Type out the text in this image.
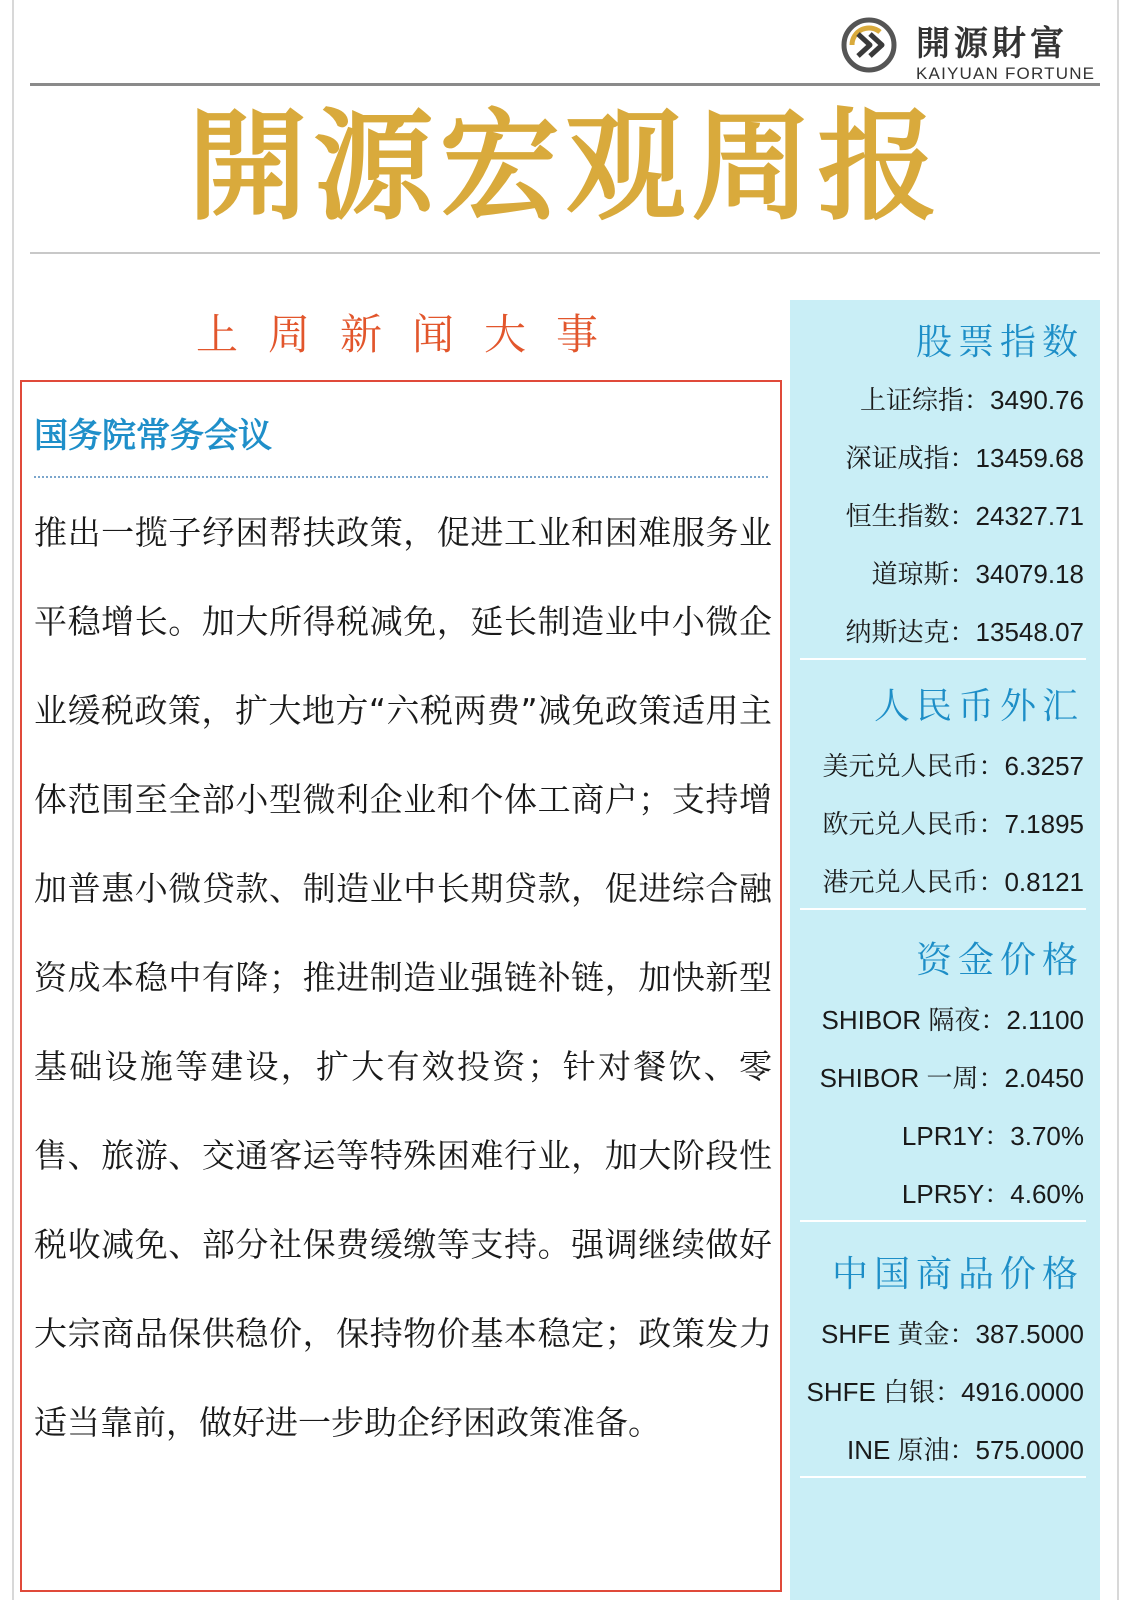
開源財富
KAIYUAN FORTUNE
開源宏观周报
上周新闻大事
国务院常务会议
推出一揽子纾困帮扶政策，促进工业和困难服务业平稳增长。加大所得税减免，延长制造业中小微企业缓税政策，扩大地方“六税两费”减免政策适用主体范围至全部小型微利企业和个体工商户；支持增加普惠小微贷款、制造业中长期贷款，促进综合融资成本稳中有降；推进制造业强链补链，加快新型基础设施等建设，扩大有效投资；针对餐饮、零售、旅游、交通客运等特殊困难行业，加大阶段性税收减免、部分社保费缓缴等支持。强调继续做好大宗商品保供稳价，保持物价基本稳定；政策发力适当靠前，做好进一步助企纾困政策准备。
股票指数
上证综指：3490.76
深证成指：13459.68
恒生指数：24327.71
道琼斯：34079.18
纳斯达克：13548.07
人民币外汇
美元兑人民币：6.3257
欧元兑人民币：7.1895
港元兑人民币：0.8121
资金价格
SHIBOR 隔夜：2.1100
SHIBOR 一周：2.0450
LPR1Y：3.70%
LPR5Y：4.60%
中国商品价格
SHFE 黄金：387.5000
SHFE 白银：4916.0000
INE 原油：575.0000
